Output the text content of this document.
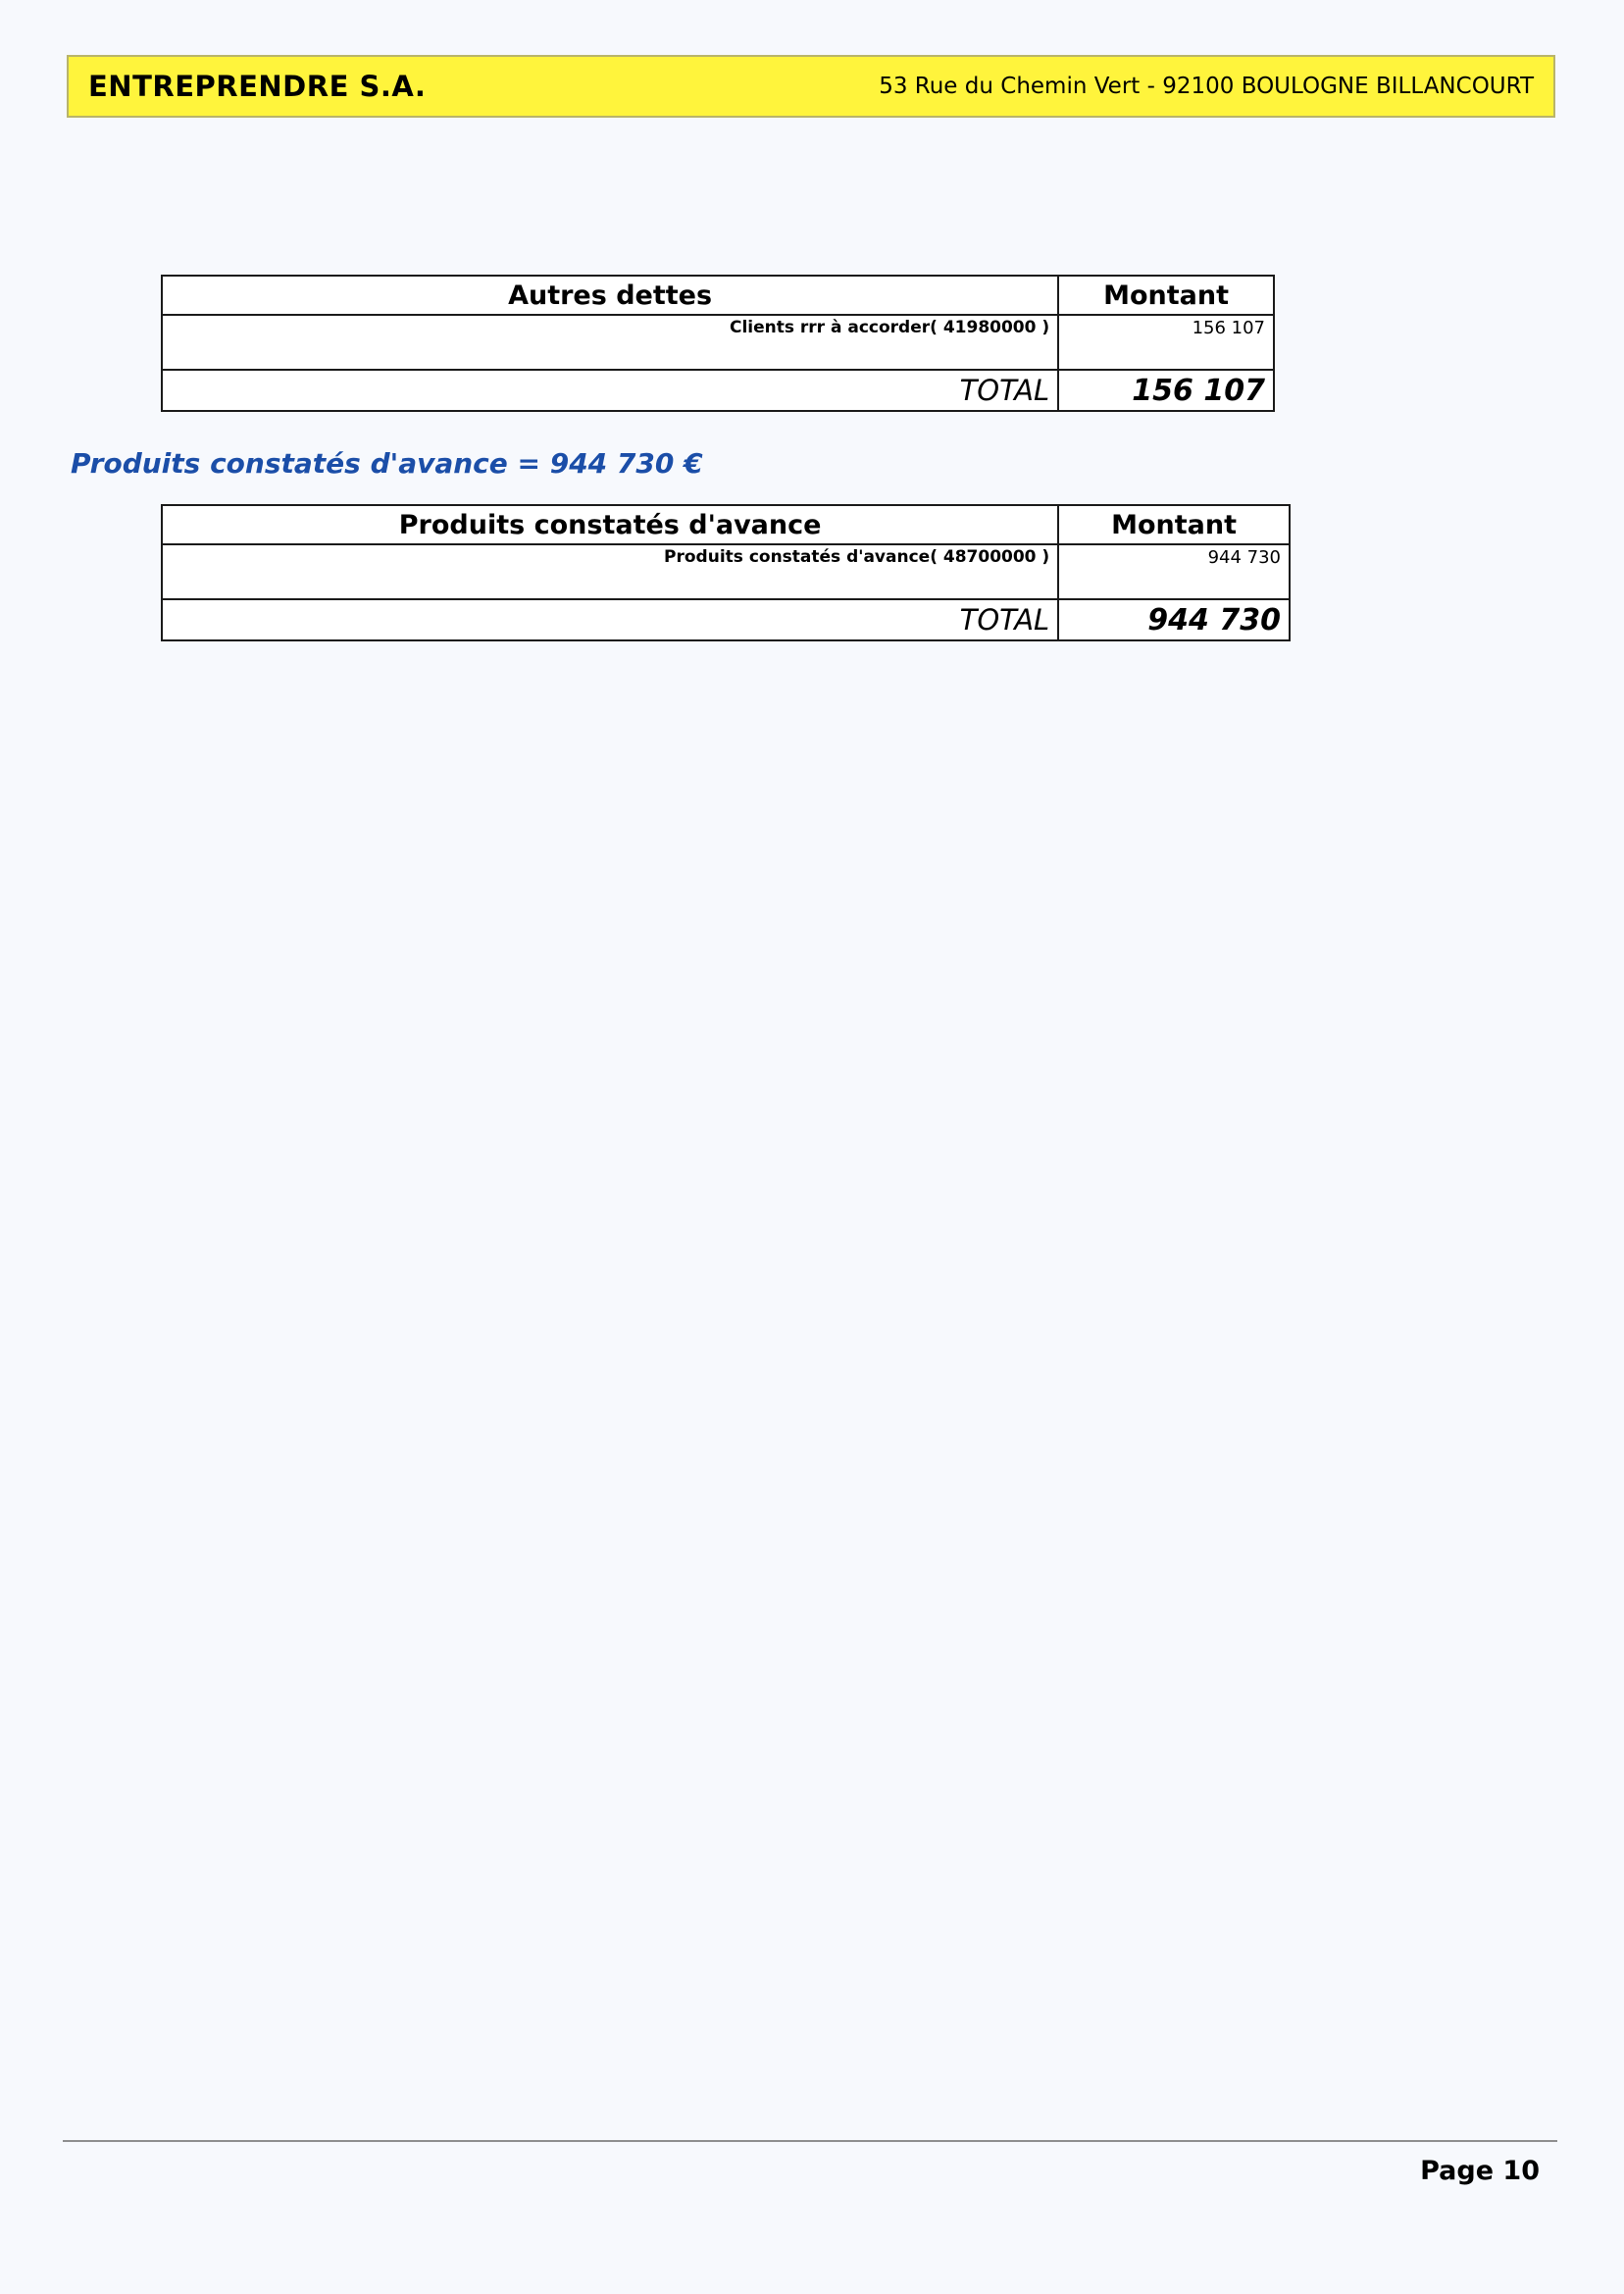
ENTREPRENDRE S.A.	53 Rue du Chemin Vert - 92100 BOULOGNE BILLANCOURT
Autres dettes	Montant
Clients rrr à accorder( 41980000 )	156 107
TOTAL	156 107
Produits constatés d'avance = 944 730 €
Produits constatés d'avance	Montant
Produits constatés d'avance( 48700000 )	944 730
TOTAL	944 730
Page 10
